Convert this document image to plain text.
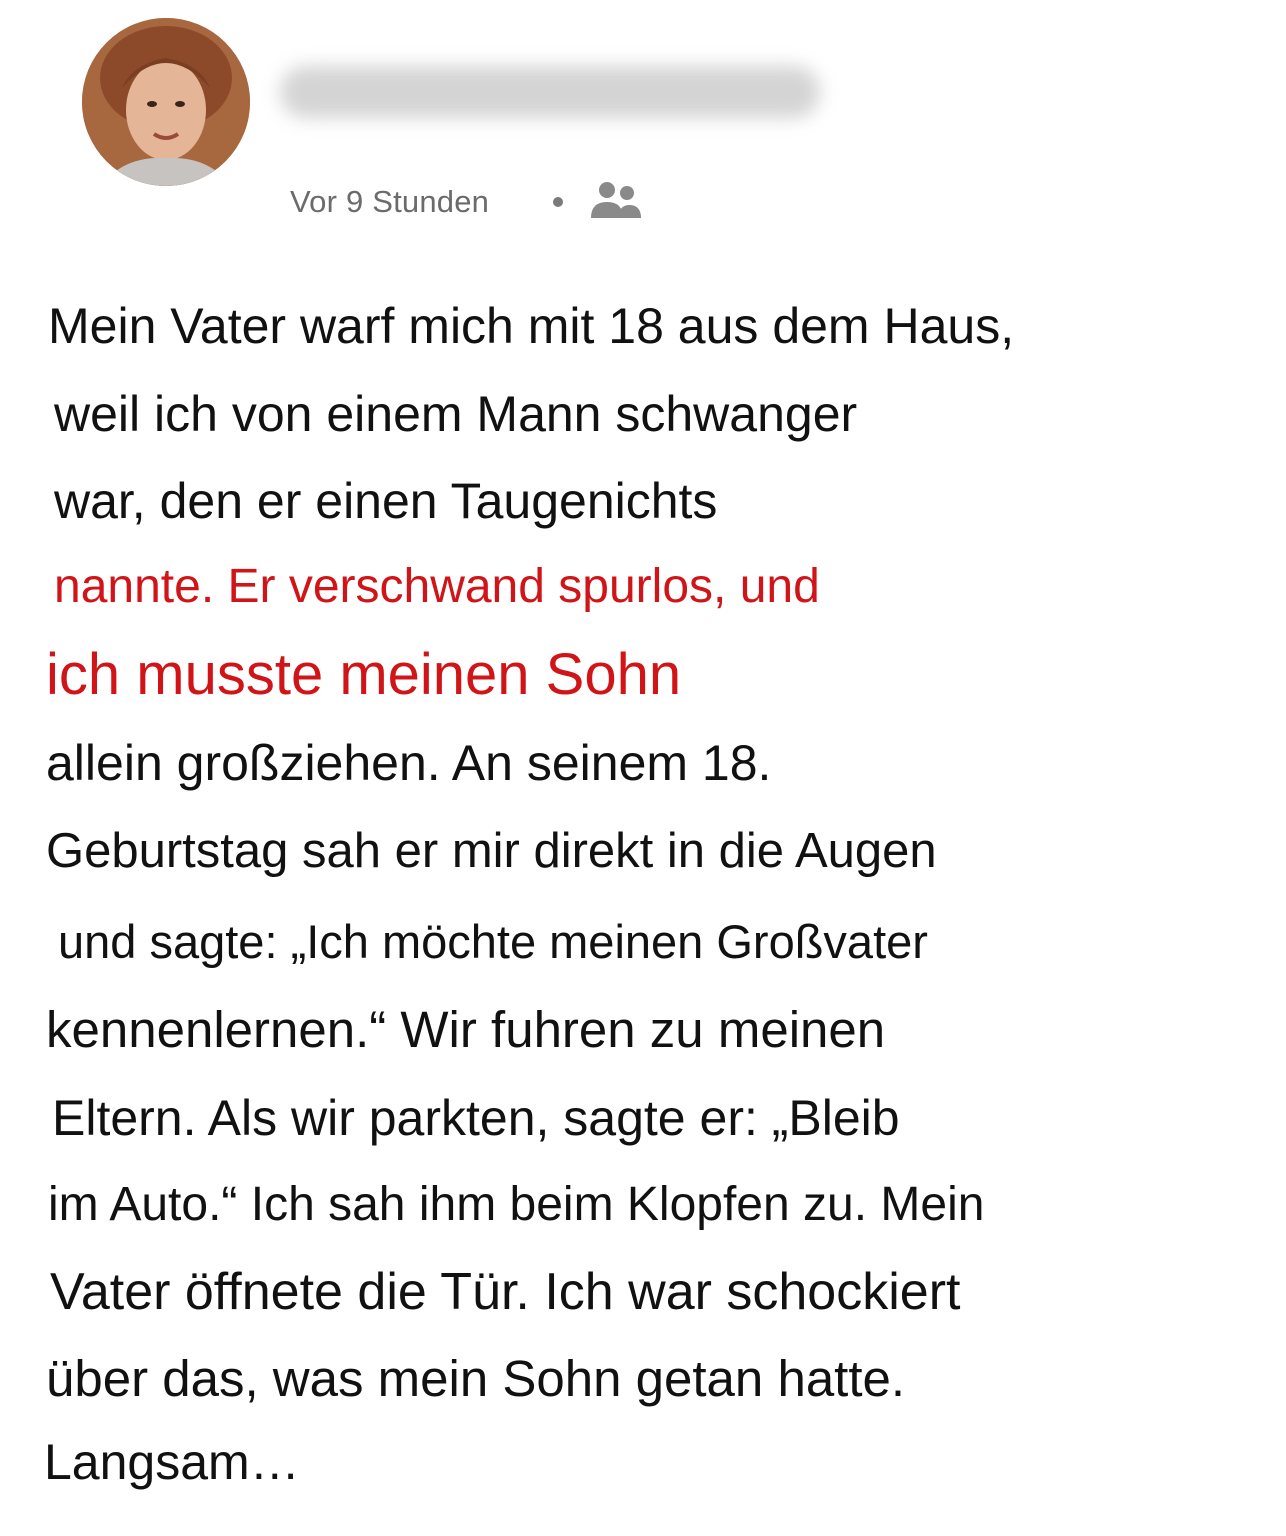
Vor 9 Stunden
Mein Vater warf mich mit 18 aus dem Haus,
weil ich von einem Mann schwanger
war, den er einen Taugenichts
nannte. Er verschwand spurlos, und
ich musste meinen Sohn
allein großziehen. An seinem 18.
Geburtstag sah er mir direkt in die Augen
und sagte: „Ich möchte meinen Großvater
kennenlernen.“ Wir fuhren zu meinen
Eltern. Als wir parkten, sagte er: „Bleib
im Auto.“ Ich sah ihm beim Klopfen zu. Mein
Vater öffnete die Tür. Ich war schockiert
über das, was mein Sohn getan hatte.
Langsam…
